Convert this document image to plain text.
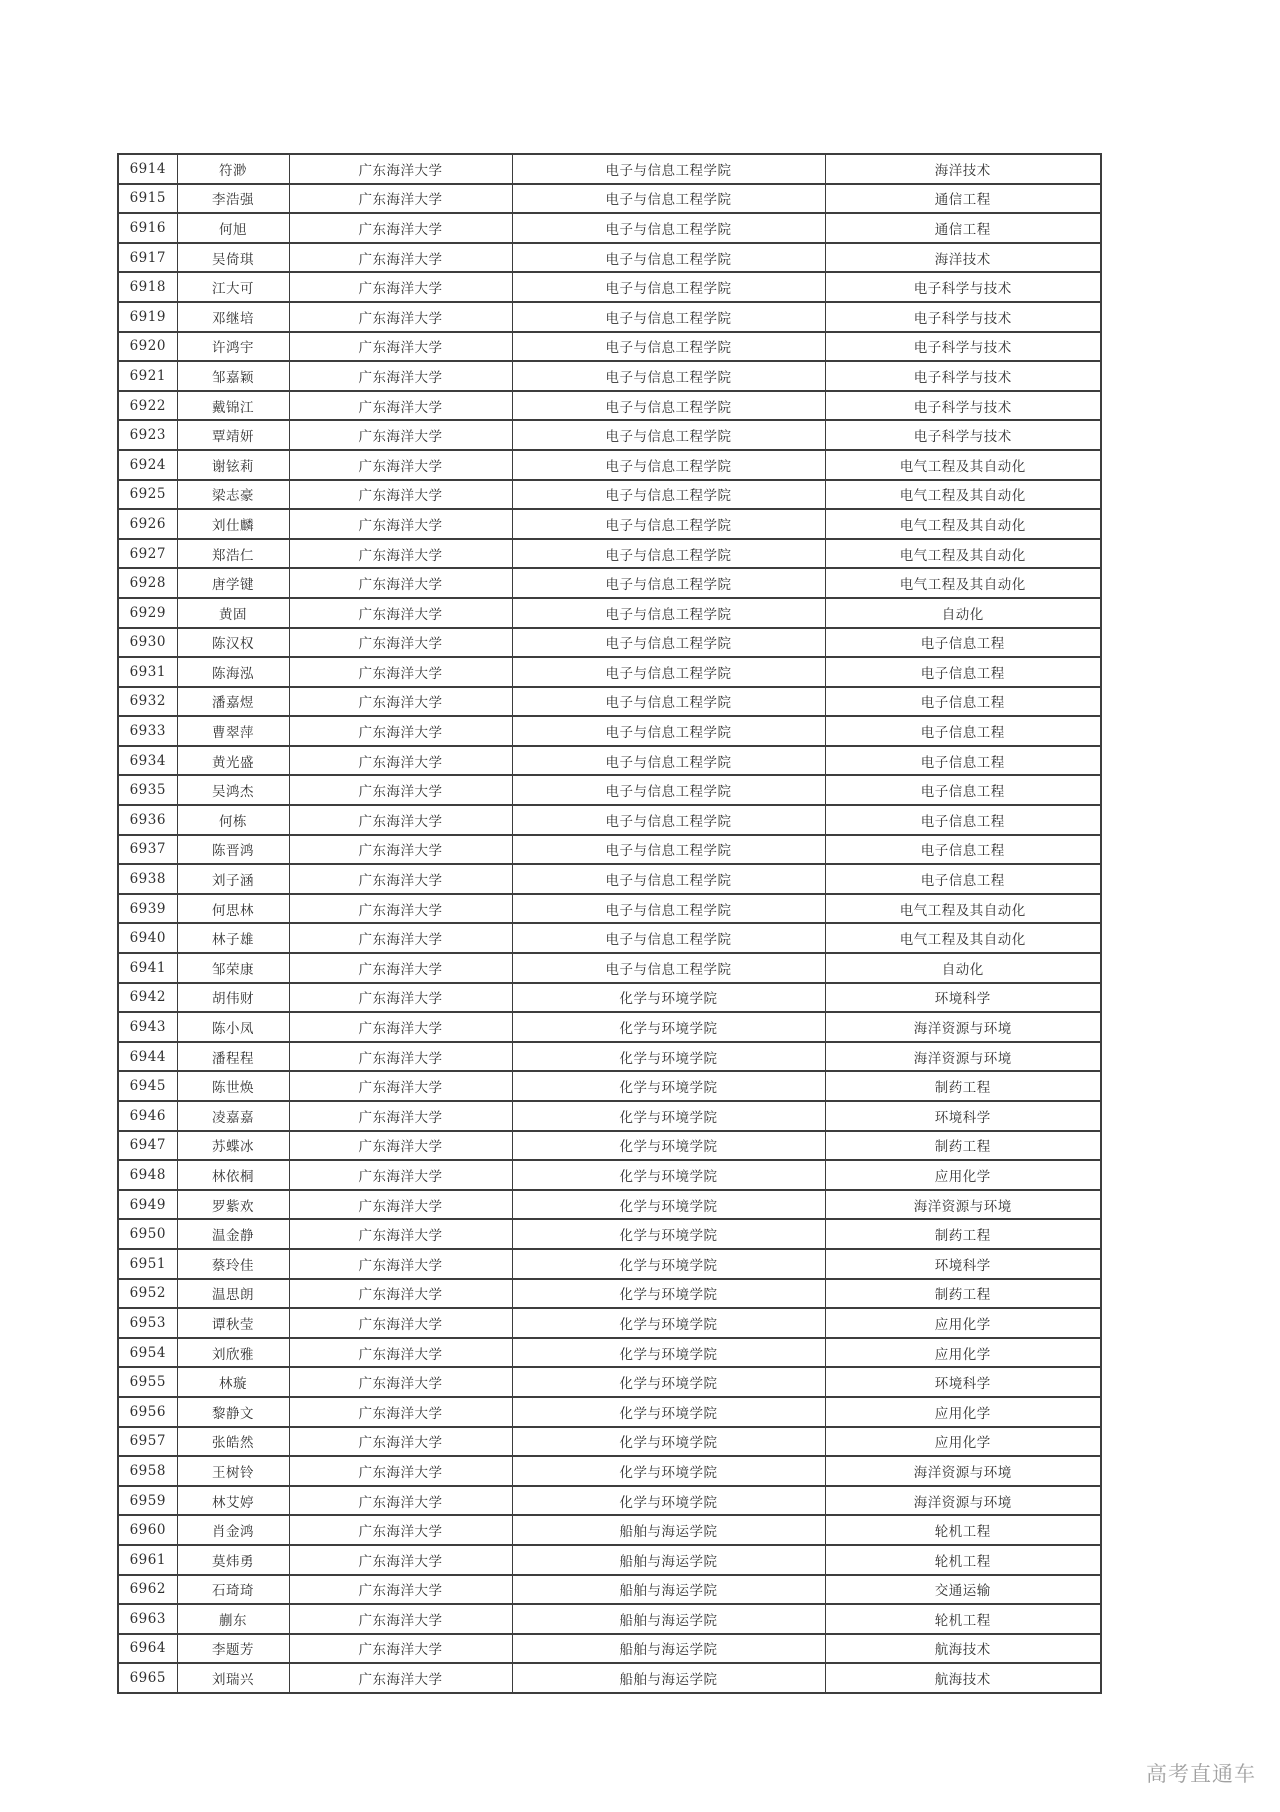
6914	符渺	广东海洋大学	电子与信息工程学院	海洋技术
6915	李浩强	广东海洋大学	电子与信息工程学院	通信工程
6916	何旭	广东海洋大学	电子与信息工程学院	通信工程
6917	吴倚琪	广东海洋大学	电子与信息工程学院	海洋技术
6918	江大可	广东海洋大学	电子与信息工程学院	电子科学与技术
6919	邓继培	广东海洋大学	电子与信息工程学院	电子科学与技术
6920	许鸿宇	广东海洋大学	电子与信息工程学院	电子科学与技术
6921	邹嘉颖	广东海洋大学	电子与信息工程学院	电子科学与技术
6922	戴锦江	广东海洋大学	电子与信息工程学院	电子科学与技术
6923	覃靖妍	广东海洋大学	电子与信息工程学院	电子科学与技术
6924	谢铉莉	广东海洋大学	电子与信息工程学院	电气工程及其自动化
6925	梁志豪	广东海洋大学	电子与信息工程学院	电气工程及其自动化
6926	刘仕麟	广东海洋大学	电子与信息工程学院	电气工程及其自动化
6927	郑浩仁	广东海洋大学	电子与信息工程学院	电气工程及其自动化
6928	唐学键	广东海洋大学	电子与信息工程学院	电气工程及其自动化
6929	黄固	广东海洋大学	电子与信息工程学院	自动化
6930	陈汉权	广东海洋大学	电子与信息工程学院	电子信息工程
6931	陈海泓	广东海洋大学	电子与信息工程学院	电子信息工程
6932	潘嘉煜	广东海洋大学	电子与信息工程学院	电子信息工程
6933	曹翠萍	广东海洋大学	电子与信息工程学院	电子信息工程
6934	黄光盛	广东海洋大学	电子与信息工程学院	电子信息工程
6935	吴鸿杰	广东海洋大学	电子与信息工程学院	电子信息工程
6936	何栋	广东海洋大学	电子与信息工程学院	电子信息工程
6937	陈晋鸿	广东海洋大学	电子与信息工程学院	电子信息工程
6938	刘子涵	广东海洋大学	电子与信息工程学院	电子信息工程
6939	何思林	广东海洋大学	电子与信息工程学院	电气工程及其自动化
6940	林子雄	广东海洋大学	电子与信息工程学院	电气工程及其自动化
6941	邹荣康	广东海洋大学	电子与信息工程学院	自动化
6942	胡伟财	广东海洋大学	化学与环境学院	环境科学
6943	陈小凤	广东海洋大学	化学与环境学院	海洋资源与环境
6944	潘程程	广东海洋大学	化学与环境学院	海洋资源与环境
6945	陈世焕	广东海洋大学	化学与环境学院	制药工程
6946	凌嘉嘉	广东海洋大学	化学与环境学院	环境科学
6947	苏蝶冰	广东海洋大学	化学与环境学院	制药工程
6948	林依桐	广东海洋大学	化学与环境学院	应用化学
6949	罗紫欢	广东海洋大学	化学与环境学院	海洋资源与环境
6950	温金静	广东海洋大学	化学与环境学院	制药工程
6951	蔡玲佳	广东海洋大学	化学与环境学院	环境科学
6952	温思朗	广东海洋大学	化学与环境学院	制药工程
6953	谭秋莹	广东海洋大学	化学与环境学院	应用化学
6954	刘欣雅	广东海洋大学	化学与环境学院	应用化学
6955	林璇	广东海洋大学	化学与环境学院	环境科学
6956	黎静文	广东海洋大学	化学与环境学院	应用化学
6957	张皓然	广东海洋大学	化学与环境学院	应用化学
6958	王树铃	广东海洋大学	化学与环境学院	海洋资源与环境
6959	林艾婷	广东海洋大学	化学与环境学院	海洋资源与环境
6960	肖金鸿	广东海洋大学	船舶与海运学院	轮机工程
6961	莫炜勇	广东海洋大学	船舶与海运学院	轮机工程
6962	石琦琦	广东海洋大学	船舶与海运学院	交通运输
6963	蒯东	广东海洋大学	船舶与海运学院	轮机工程
6964	李题芳	广东海洋大学	船舶与海运学院	航海技术
6965	刘瑞兴	广东海洋大学	船舶与海运学院	航海技术
高考直通车
